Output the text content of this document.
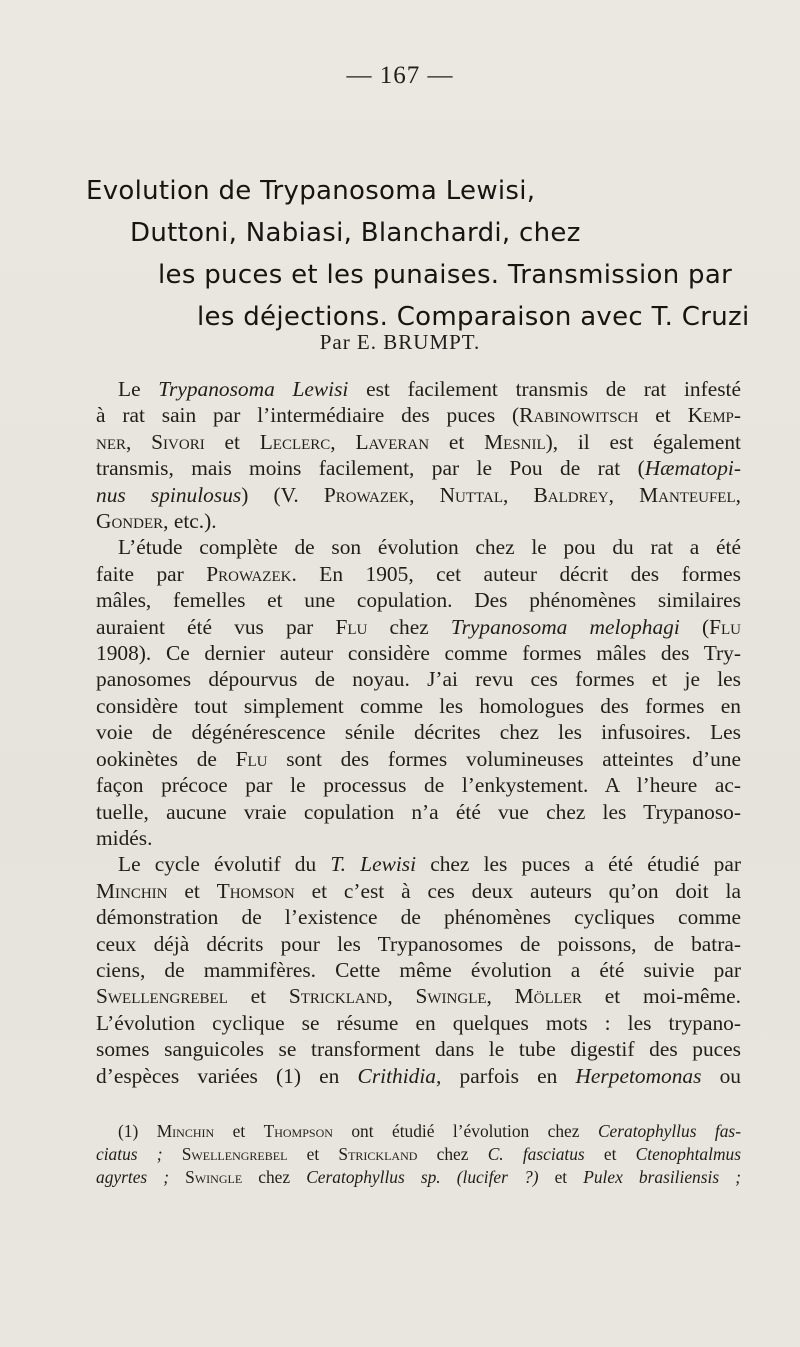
— 167 —
Evolution de Trypanosoma Lewisi,
Duttoni, Nabiasi, Blanchardi, chez
les puces et les punaises. Transmission par
les déjections. Comparaison avec T. Cruzi
Par E. BRUMPT.
Le Trypanosoma Lewisi est facilement transmis de rat infesté
à rat sain par l’intermédiaire des puces (Rabinowitsch et Kemp-
ner, Sivori et Leclerc, Laveran et Mesnil), il est également
transmis, mais moins facilement, par le Pou de rat (Hæmatopi-
nus spinulosus) (V. Prowazek, Nuttal, Baldrey, Manteufel,
Gonder, etc.).
L’étude complète de son évolution chez le pou du rat a été
faite par Prowazek. En 1905, cet auteur décrit des formes
mâles, femelles et une copulation. Des phénomènes similaires
auraient été vus par Flu chez Trypanosoma melophagi (Flu
1908). Ce dernier auteur considère comme formes mâles des Try-
panosomes dépourvus de noyau. J’ai revu ces formes et je les
considère tout simplement comme les homologues des formes en
voie de dégénérescence sénile décrites chez les infusoires. Les
ookinètes de Flu sont des formes volumineuses atteintes d’une
façon précoce par le processus de l’enkystement. A l’heure ac-
tuelle, aucune vraie copulation n’a été vue chez les Trypanoso-
midés.
Le cycle évolutif du T. Lewisi chez les puces a été étudié par
Minchin et Thomson et c’est à ces deux auteurs qu’on doit la
démonstration de l’existence de phénomènes cycliques comme
ceux déjà décrits pour les Trypanosomes de poissons, de batra-
ciens, de mammifères. Cette même évolution a été suivie par
Swellengrebel et Strickland, Swingle, Möller et moi-même.
L’évolution cyclique se résume en quelques mots : les trypano-
somes sanguicoles se transforment dans le tube digestif des puces
d’espèces variées (1) en Crithidia, parfois en Herpetomonas ou
(1) Minchin et Thompson ont étudié l’évolution chez Ceratophyllus fas-
ciatus ; Swellengrebel et Strickland chez C. fasciatus et Ctenophtalmus
agyrtes ; Swingle chez Ceratophyllus sp. (lucifer ?) et Pulex brasiliensis ;
